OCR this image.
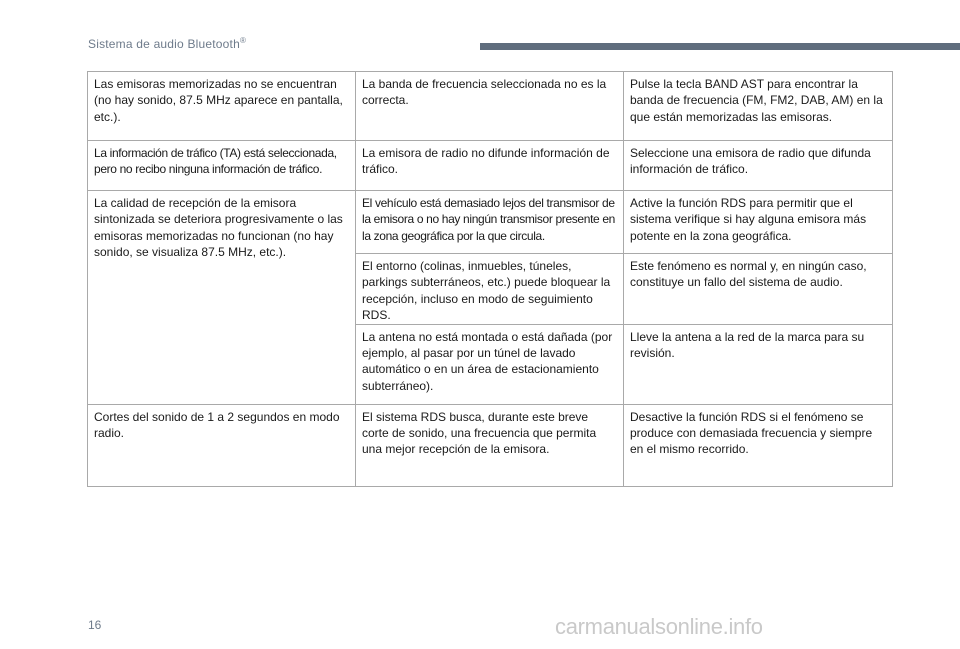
Sistema de audio Bluetooth®
Las emisoras memorizadas no se encuentran (no hay sonido, 87.5 MHz aparece en pantalla, etc.).	La banda de frecuencia seleccionada no es la correcta.	Pulse la tecla BAND AST para encontrar la banda de frecuencia (FM, FM2, DAB, AM) en la que están memorizadas las emisoras.
La información de tráfico (TA) está seleccionada, pero no recibo ninguna información de tráfico.	La emisora de radio no difunde información de tráfico.	Seleccione una emisora de radio que difunda información de tráfico.
La calidad de recepción de la emisora sintonizada se deteriora progresivamente o las emisoras memorizadas no funcionan (no hay sonido, se visualiza 87.5 MHz, etc.).	El vehículo está demasiado lejos del transmisor de la emisora o no hay ningún transmisor presente en la zona geográfica por la que circula.	Active la función RDS para permitir que el sistema verifique si hay alguna emisora más potente en la zona geográfica.
	El entorno (colinas, inmuebles, túneles, parkings subterráneos, etc.) puede bloquear la recepción, incluso en modo de seguimiento RDS.	Este fenómeno es normal y, en ningún caso, constituye un fallo del sistema de audio.
	La antena no está montada o está dañada (por ejemplo, al pasar por un túnel de lavado automático o en un área de estacionamiento subterráneo).	Lleve la antena a la red de la marca para su revisión.
Cortes del sonido de 1 a 2 segundos en modo radio.	El sistema RDS busca, durante este breve corte de sonido, una frecuencia que permita una mejor recepción de la emisora.	Desactive la función RDS si el fenómeno se produce con demasiada frecuencia y siempre en el mismo recorrido.
16	carmanualsonline.info
